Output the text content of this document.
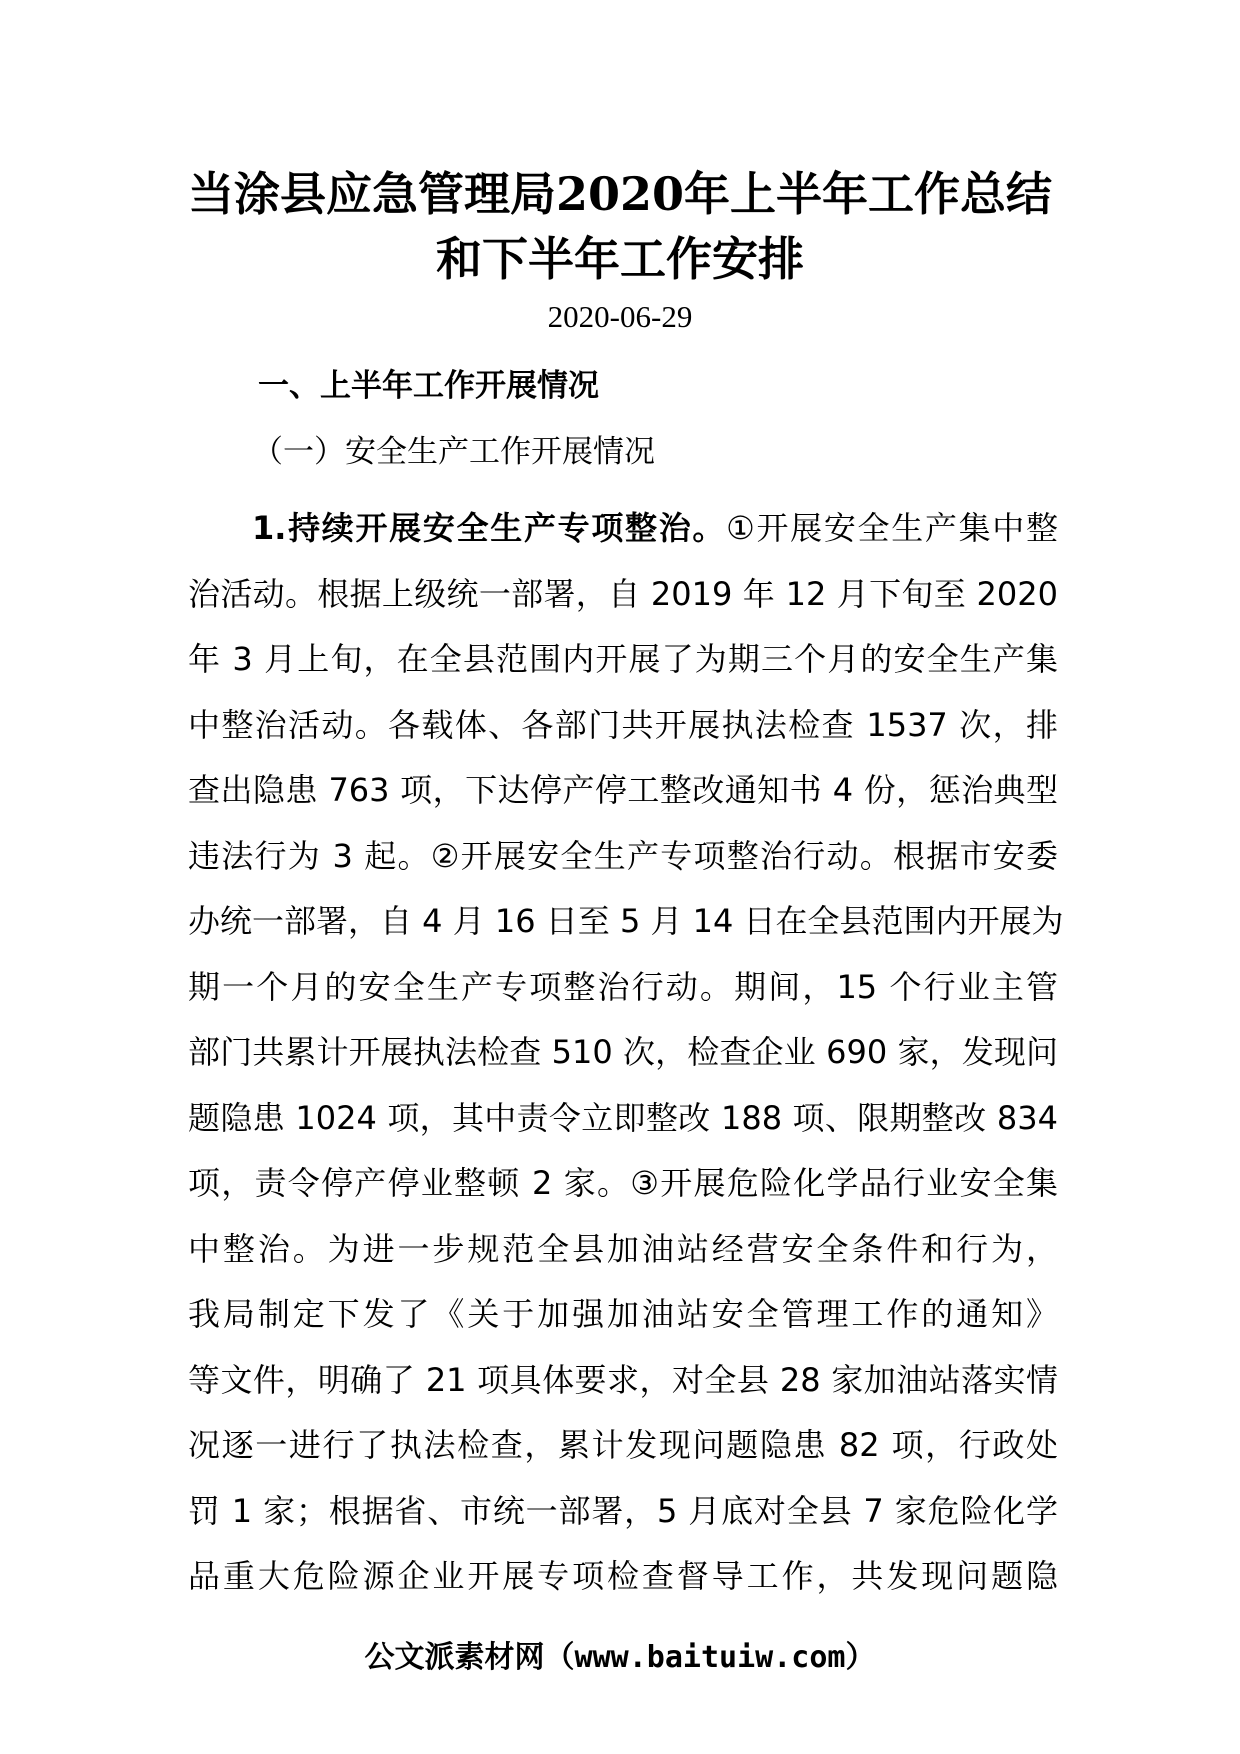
当涂县应急管理局2020年上半年工作总结
和下半年工作安排
2020-06-29
一、上半年工作开展情况
（一）安全生产工作开展情况
1.持续开展安全生产专项整治。①开展安全生产集中整
治活动。根据上级统一部署，自 2019 年 12 月下旬至 2020
年 3 月上旬，在全县范围内开展了为期三个月的安全生产集
中整治活动。各载体、各部门共开展执法检查 1537 次，排
查出隐患 763 项，下达停产停工整改通知书 4 份，惩治典型
违法行为 3 起。②开展安全生产专项整治行动。根据市安委
办统一部署，自 4 月 16 日至 5 月 14 日在全县范围内开展为
期一个月的安全生产专项整治行动。期间，15 个行业主管
部门共累计开展执法检查 510 次，检查企业 690 家，发现问
题隐患 1024 项，其中责令立即整改 188 项、限期整改 834
项，责令停产停业整顿 2 家。③开展危险化学品行业安全集
中整治。为进一步规范全县加油站经营安全条件和行为，
我局制定下发了《关于加强加油站安全管理工作的通知》
等文件，明确了 21 项具体要求，对全县 28 家加油站落实情
况逐一进行了执法检查，累计发现问题隐患 82 项，行政处
罚 1 家；根据省、市统一部署，5 月底对全县 7 家危险化学
品重大危险源企业开展专项检查督导工作，共发现问题隐
公文派素材网（www.baituiw.com）
